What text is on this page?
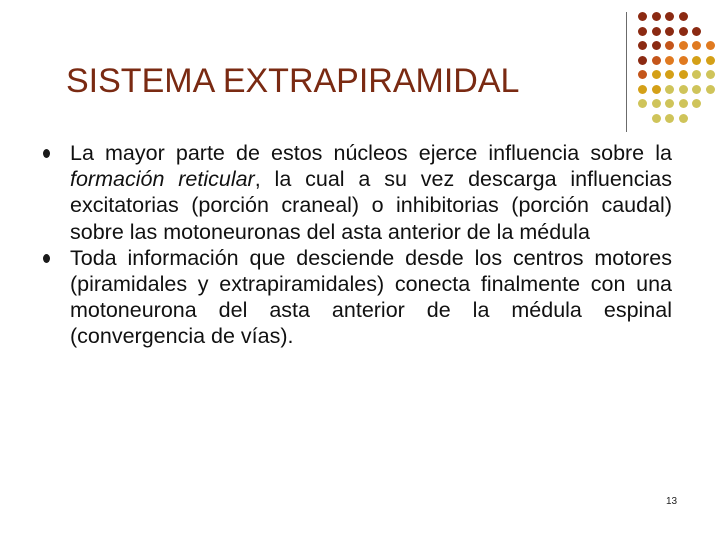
SISTEMA EXTRAPIRAMIDAL
La mayor parte de estos núcleos ejerce influencia sobre la formación reticular, la cual a su vez descarga influencias excitatorias (porción craneal) o inhibitorias (porción caudal) sobre las motoneuronas del asta anterior de la médula
Toda información que desciende desde los centros motores (piramidales y extrapiramidales) conecta finalmente con una motoneurona del asta anterior de la médula espinal (convergencia de vías).
13
